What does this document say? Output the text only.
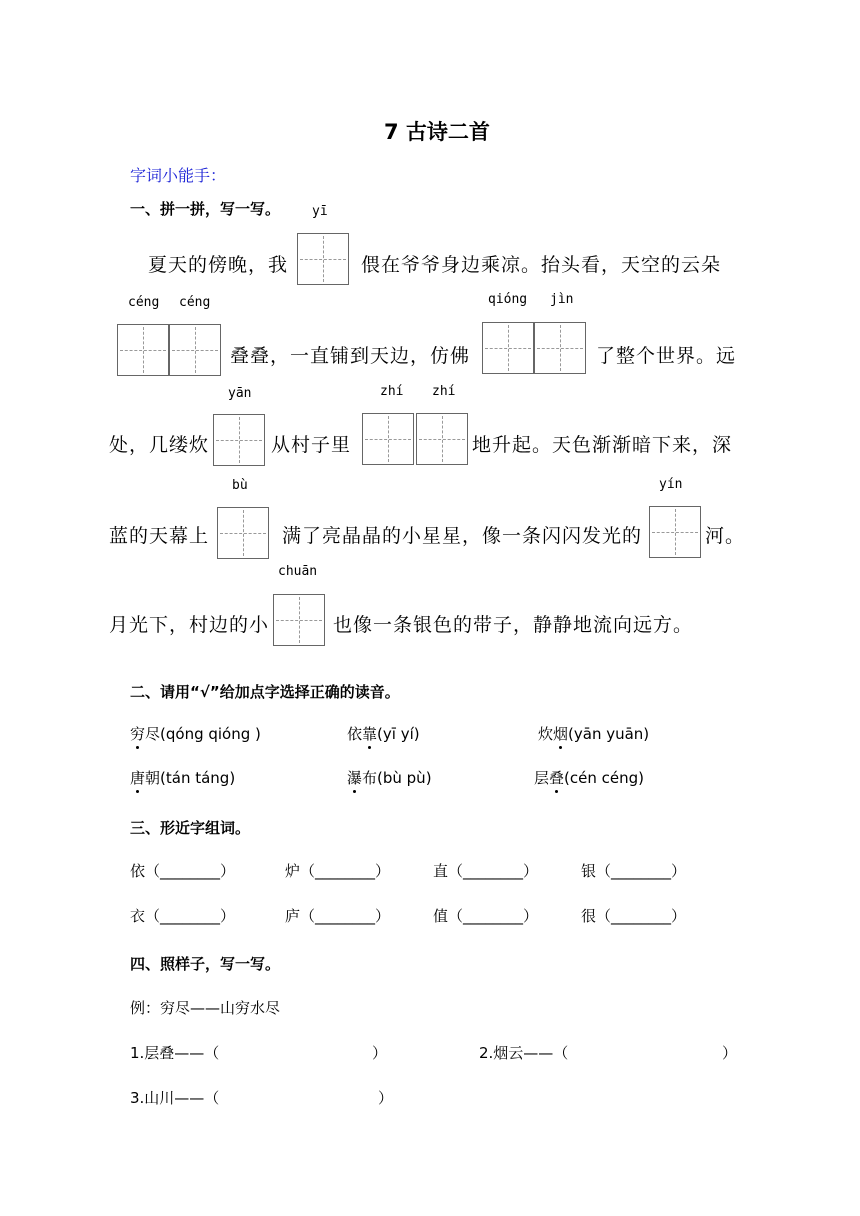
7 古诗二首
字词小能手：
一、拼一拼，写一写。 yī
夏天的傍晚，我	偎在爷爷身边乘凉。抬头看，天空的云朵
céng céng	qióng jìn
叠叠，一直铺到天边，仿佛	了整个世界。远
yān	zhí zhí
处，几缕炊	从村子里	地升起。天色渐渐暗下来，深
bù	yín
蓝的天幕上	满了亮晶晶的小星星，像一条闪闪发光的	河。
chuān
月光下，村边的小	也像一条银色的带子，静静地流向远方。
二、请用“√”给加点字选择正确的读音。
穷尽(qóng qióng )	依靠(yī yí)	炊烟(yān yuān)
唐朝(tán táng)	瀑布(bù pù)	层叠(cén céng)
三、形近字组词。
依（________）	炉（________）	直（________）	银（________）
衣（________）	庐（________）	值（________）	很（________）
四、照样子，写一写。
例：穷尽——山穷水尽
1.层叠——（	）	2.烟云——（	）
3.山川——（	）
